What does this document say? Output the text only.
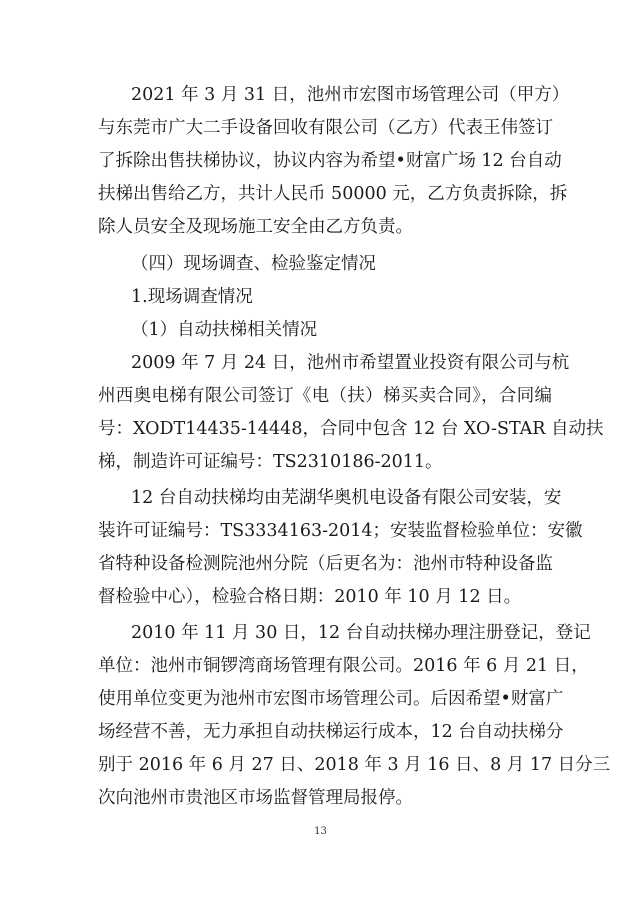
2021 年 3 月 31 日，池州市宏图市场管理公司（甲方）
与东莞市广大二手设备回收有限公司（乙方）代表王伟签订
了拆除出售扶梯协议，协议内容为希望•财富广场 12 台自动
扶梯出售给乙方，共计人民币 50000 元，乙方负责拆除，拆
除人员安全及现场施工安全由乙方负责。
（四）现场调查、检验鉴定情况
1.现场调查情况
（1）自动扶梯相关情况
2009 年 7 月 24 日，池州市希望置业投资有限公司与杭
州西奥电梯有限公司签订《电（扶）梯买卖合同》，合同编
号：XODT14435-14448，合同中包含 12 台 XO-STAR 自动扶
梯，制造许可证编号：TS2310186-2011。
12 台自动扶梯均由芜湖华奥机电设备有限公司安装，安
装许可证编号：TS3334163-2014；安装监督检验单位：安徽
省特种设备检测院池州分院（后更名为：池州市特种设备监
督检验中心），检验合格日期：2010 年 10 月 12 日。
2010 年 11 月 30 日，12 台自动扶梯办理注册登记，登记
单位：池州市铜锣湾商场管理有限公司。2016 年 6 月 21 日，
使用单位变更为池州市宏图市场管理公司。后因希望•财富广
场经营不善，无力承担自动扶梯运行成本，12 台自动扶梯分
别于 2016 年 6 月 27 日、2018 年 3 月 16 日、8 月 17 日分三
次向池州市贵池区市场监督管理局报停。
13
